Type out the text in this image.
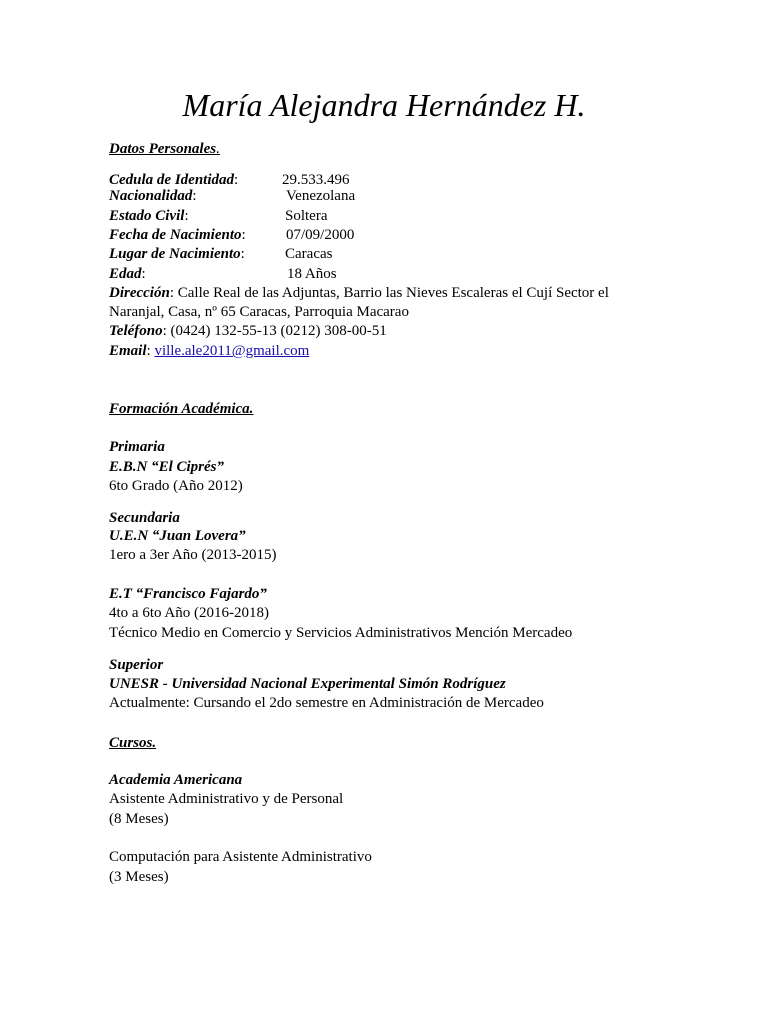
María Alejandra Hernández H.
Datos Personales.
Cedula de Identidad:	29.533.496
Nacionalidad:	Venezolana
Estado Civil:	Soltera
Fecha de Nacimiento:	07/09/2000
Lugar de Nacimiento:	Caracas
Edad:	18 Años
Dirección: Calle Real de las Adjuntas, Barrio las Nieves Escaleras el Cují Sector el
Naranjal, Casa, nº 65 Caracas, Parroquia Macarao
Teléfono: (0424) 132-55-13 (0212) 308-00-51
Email: ville.ale2011@gmail.com
Formación Académica.
Primaria
E.B.N “El Ciprés”
6to Grado (Año 2012)
Secundaria
U.E.N “Juan Lovera”
1ero a 3er Año (2013-2015)
E.T “Francisco Fajardo”
4to a 6to Año (2016-2018)
Técnico Medio en Comercio y Servicios Administrativos Mención Mercadeo
Superior
UNESR - Universidad Nacional Experimental Simón Rodríguez
Actualmente: Cursando el 2do semestre en Administración de Mercadeo
Cursos.
Academia Americana
Asistente Administrativo y de Personal
(8 Meses)
Computación para Asistente Administrativo
(3 Meses)
